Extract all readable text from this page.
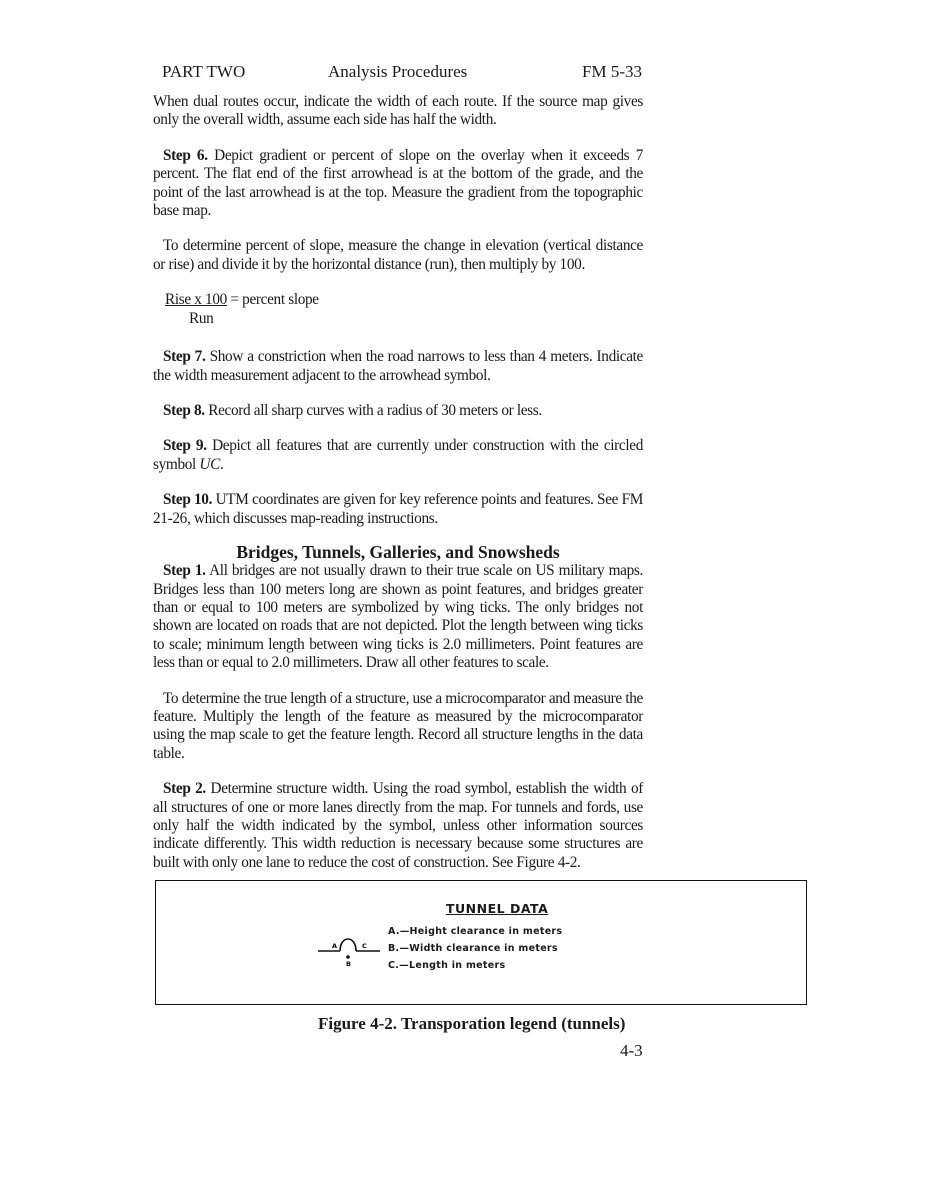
PART TWO	Analysis Procedures	FM 5-33

When dual routes occur, indicate the width of each route. If the source map gives only the overall width, assume each side has half the width.

Step 6. Depict gradient or percent of slope on the overlay when it exceeds 7 percent. The flat end of the first arrowhead is at the bottom of the grade, and the point of the last arrowhead is at the top. Measure the gradient from the topographic base map.

To determine percent of slope, measure the change in elevation (vertical distance or rise) and divide it by the horizontal distance (run), then multiply by 100.

Rise x 100 = percent slope
Run

Step 7. Show a constriction when the road narrows to less than 4 meters. Indicate the width measurement adjacent to the arrowhead symbol.

Step 8. Record all sharp curves with a radius of 30 meters or less.

Step 9. Depict all features that are currently under construction with the circled symbol UC.

Step 10. UTM coordinates are given for key reference points and features. See FM 21-26, which discusses map-reading instructions.

Bridges, Tunnels, Galleries, and Snowsheds

Step 1. All bridges are not usually drawn to their true scale on US military maps. Bridges less than 100 meters long are shown as point features, and bridges greater than or equal to 100 meters are symbolized by wing ticks. The only bridges not shown are located on roads that are not depicted. Plot the length between wing ticks to scale; minimum length between wing ticks is 2.0 millimeters. Point features are less than or equal to 2.0 millimeters. Draw all other features to scale.

To determine the true length of a structure, use a microcomparator and measure the feature. Multiply the length of the feature as measured by the microcomparator using the map scale to get the feature length. Record all structure lengths in the data table.

Step 2. Determine structure width. Using the road symbol, establish the width of all structures of one or more lanes directly from the map. For tunnels and fords, use only half the width indicated by the symbol, unless other information sources indicate differently. This width reduction is necessary because some structures are built with only one lane to reduce the cost of construction. See Figure 4-2.

TUNNEL DATA
A	C
B
A.—Height clearance in meters
B.—Width clearance in meters
C.—Length in meters
Figure 4-2. Transporation legend (tunnels)
4-3
